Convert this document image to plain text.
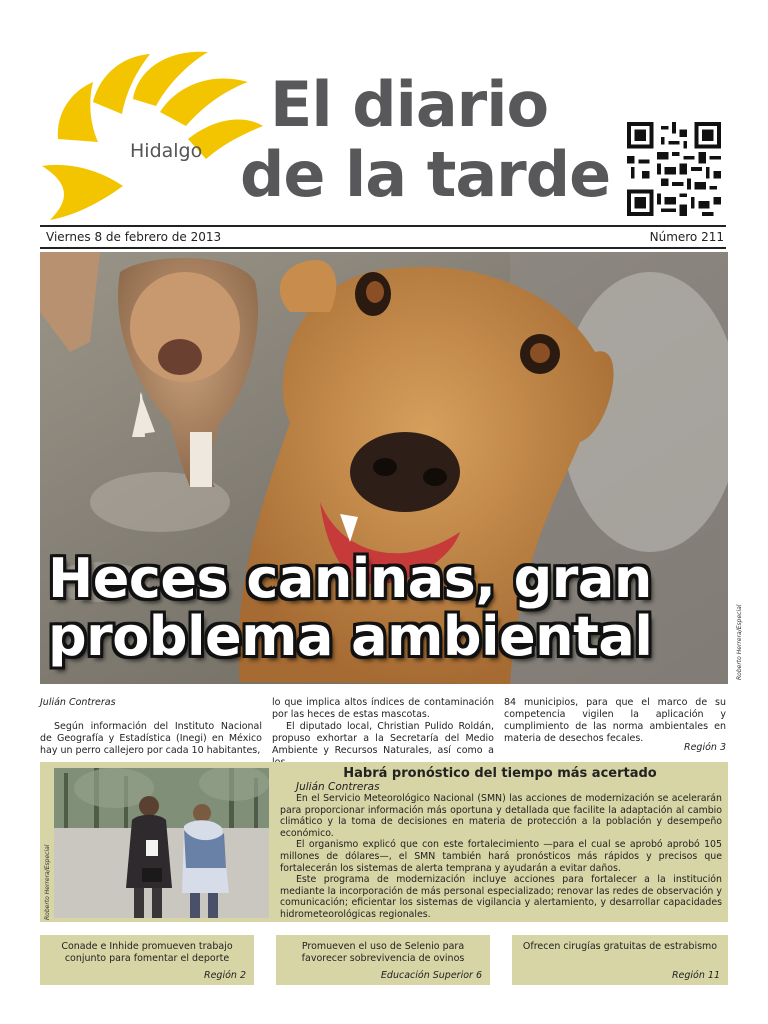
Hidalgo
El diario
de la tarde
Viernes 8 de febrero de 2013	Número 211
Heces caninas, gran problema ambiental	Roberto Herrera/Especial

Julián Contreras

Según información del Instituto Nacional de Geografía y Estadística (Inegi) en México hay un perro callejero por cada 10 habitantes,

lo que implica altos índices de contaminación por las heces de estas mascotas.

El diputado local, Christian Pulido Roldán, propuso exhortar a la Secretaría del Medio Ambiente y Recursos Naturales, así como a

84 municipios, para que el marco de su competencia vigilen la aplicación y cumplimiento de las norma ambientales en materia de desechos fecales.

Región 3
Habrá pronóstico del tiempo más acertado
Julián Contreras

En el Servicio Meteorológico Nacional (SMN) las acciones de modernización se acelerarán para proporcionar información más oportuna y detallada que facilite la adaptación al cambio climático y la toma de decisiones en materia de protección a la población y desempeño económico.

El organismo explicó que con este fortalecimiento —para el cual se aprobó aprobó 105 millones de dólares—, el SMN también hará pronósticos más rápidos y precisos que fortalecerán los sistemas de alerta temprana y ayudarán a evitar daños.

Este programa de modernización incluye acciones para fortalecer a la institución mediante la incorporación de más personal especializado; renovar las redes de observación y comunicación; eficientar los sistemas de vigilancia y alertamiento, y desarrollar capacidades hidrometeorológicas regionales.

Roberto Herrera/Especial
Conade e Inhide promueven trabajo conjunto para fomentar el deporte
Región 2
Promueven el uso de Selenio para favorecer sobrevivencia de ovinos
Educación Superior 6
Ofrecen cirugías gratuitas de estrabismo
Región 11
